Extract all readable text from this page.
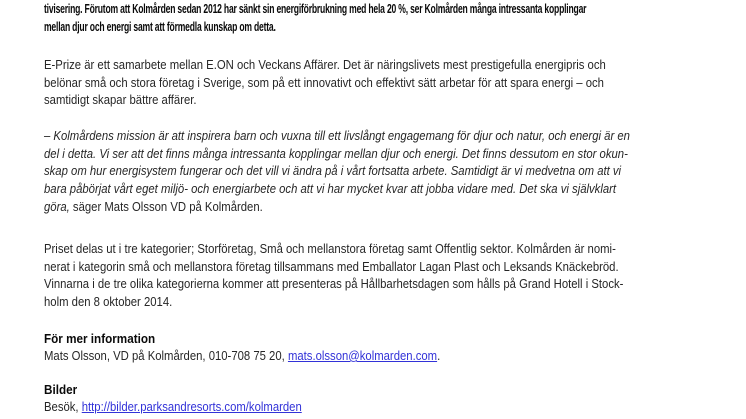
tivisering. Förutom att Kolmården sedan 2012 har sänkt sin energiförbrukning med hela 20 %, ser Kolmården många intressanta kopplingar
mellan djur och energi samt att förmedla kunskap om detta.
E-Prize är ett samarbete mellan E.ON och Veckans Affärer. Det är näringslivets mest prestigefulla energipris och
belönar små och stora företag i Sverige, som på ett innovativt och effektivt sätt arbetar för att spara energi – och
samtidigt skapar bättre affärer.
– Kolmårdens mission är att inspirera barn och vuxna till ett livslångt engagemang för djur och natur, och energi är en
del i detta. Vi ser att det finns många intressanta kopplingar mellan djur och energi. Det finns dessutom en stor okun-
skap om hur energisystem fungerar och det vill vi ändra på i vårt fortsatta arbete. Samtidigt är vi medvetna om att vi
bara påbörjat vårt eget miljö- och energiarbete och att vi har mycket kvar att jobba vidare med. Det ska vi självklart
göra, säger Mats Olsson VD på Kolmården.
Priset delas ut i tre kategorier; Storföretag, Små och mellanstora företag samt Offentlig sektor. Kolmården är nomi-
nerat i kategorin små och mellanstora företag tillsammans med Emballator Lagan Plast och Leksands Knäckebröd.
Vinnarna i de tre olika kategorierna kommer att presenteras på Hållbarhetsdagen som hålls på Grand Hotell i Stock-
holm den 8 oktober 2014.
För mer information
Mats Olsson, VD på Kolmården, 010-708 75 20, mats.olsson@kolmarden.com.
Bilder
Besök, http://bilder.parksandresorts.com/kolmarden
